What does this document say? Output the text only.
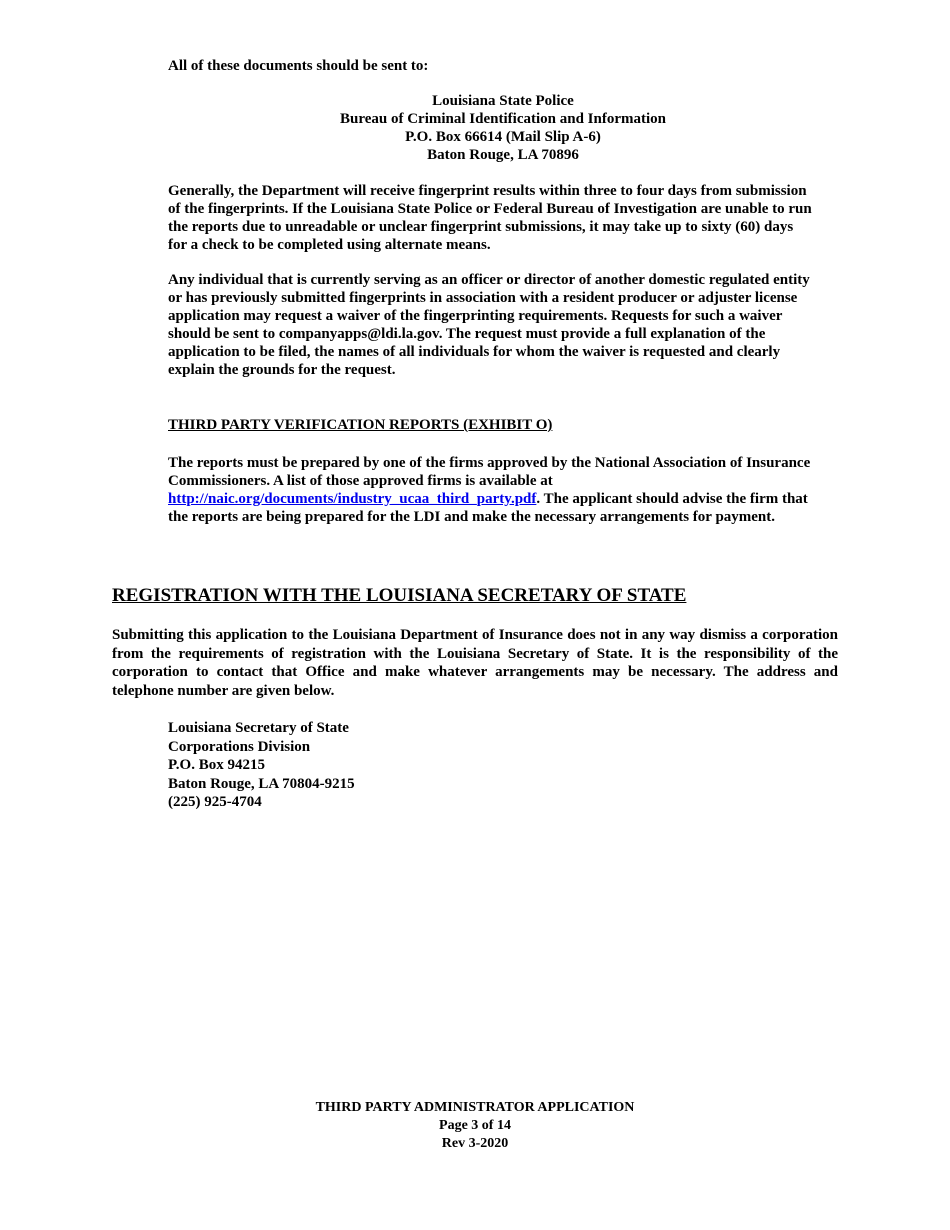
All of these documents should be sent to:
Louisiana State Police
Bureau of Criminal Identification and Information
P.O. Box 66614 (Mail Slip A-6)
Baton Rouge, LA 70896
Generally, the Department will receive fingerprint results within three to four days from submission
of the fingerprints. If the Louisiana State Police or Federal Bureau of Investigation are unable to run
the reports due to unreadable or unclear fingerprint submissions, it may take up to sixty (60) days
for a check to be completed using alternate means.
Any individual that is currently serving as an officer or director of another domestic regulated entity
or has previously submitted fingerprints in association with a resident producer or adjuster license
application may request a waiver of the fingerprinting requirements. Requests for such a waiver
should be sent to companyapps@ldi.la.gov. The request must provide a full explanation of the
application to be filed, the names of all individuals for whom the waiver is requested and clearly
explain the grounds for the request.
THIRD PARTY VERIFICATION REPORTS (EXHIBIT O)
The reports must be prepared by one of the firms approved by the National Association of Insurance
Commissioners. A list of those approved firms is available at
http://naic.org/documents/industry_ucaa_third_party.pdf. The applicant should advise the firm that
the reports are being prepared for the LDI and make the necessary arrangements for payment.
REGISTRATION WITH THE LOUISIANA SECRETARY OF STATE
Submitting this application to the Louisiana Department of Insurance does not in any way dismiss a corporation from the requirements of registration with the Louisiana Secretary of State. It is the responsibility of the corporation to contact that Office and make whatever arrangements may be necessary. The address and telephone number are given below.
Louisiana Secretary of State
Corporations Division
P.O. Box 94215
Baton Rouge, LA 70804-9215
(225) 925-4704
THIRD PARTY ADMINISTRATOR APPLICATION
Page 3 of 14
Rev 3-2020
